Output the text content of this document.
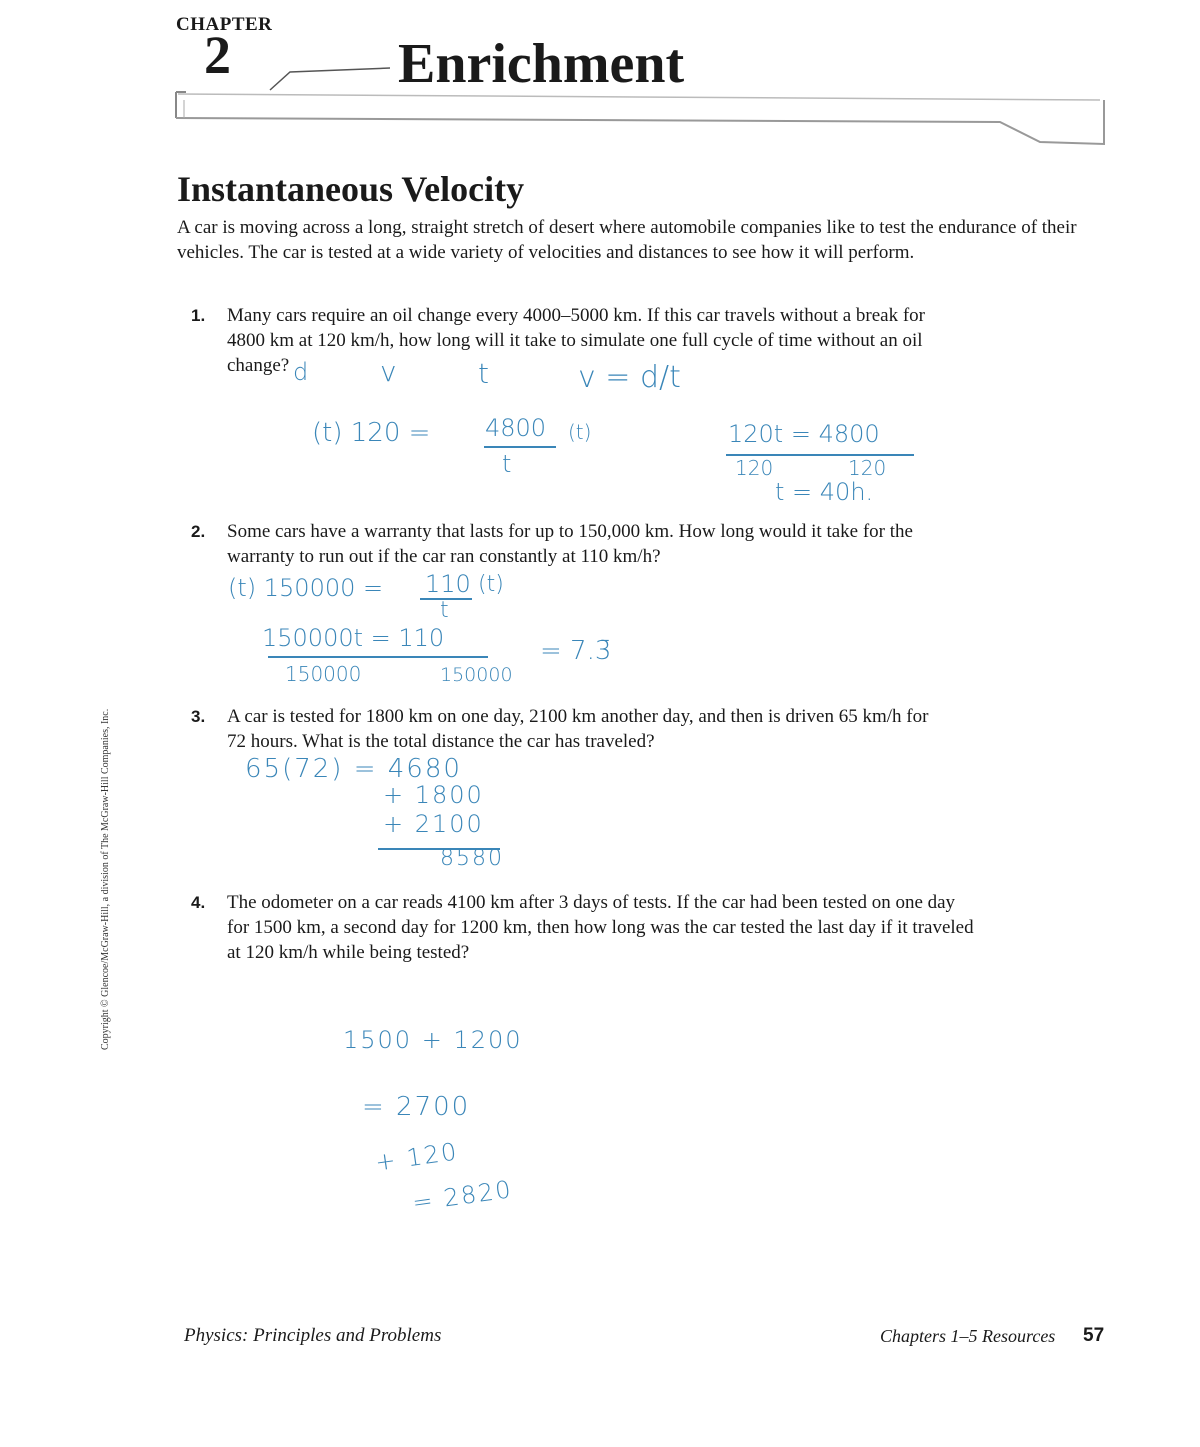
CHAPTER
2	Enrichment
Instantaneous Velocity
A car is moving across a long, straight stretch of desert where automobile companies like to test the endurance of their vehicles. The car is tested at a wide variety of velocities and distances to see how it will perform.
1. Many cars require an oil change every 4000–5000 km. If this car travels without a break for
4800 km at 120 km/h, how long will it take to simulate one full cycle of time without an oil
change? d	v	t	v = d/t
(t) 120 = 4800
t
(t)	120t = 4800
120	120
t = 40h.
2. Some cars have a warranty that lasts for up to 150,000 km. How long would it take for the
warranty to run out if the car ran constantly at 110 km/h?
(t) 150000 = 110 (t)
t
150000t = 110
150000	150000
= 7.3̄
3. A car is tested for 1800 km on one day, 2100 km another day, and then is driven 65 km/h for
72 hours. What is the total distance the car has traveled?
65(72) = 4680
+ 1800
+ 2100
8580
4. The odometer on a car reads 4100 km after 3 days of tests. If the car had been tested on one day
for 1500 km, a second day for 1200 km, then how long was the car tested the last day if it traveled
at 120 km/h while being tested?
1500 + 1200
= 2700
+ 120
= 2820
Physics: Principles and Problems	Chapters 1–5 Resources 57
Copyright © Glencoe/McGraw-Hill, a division of The McGraw-Hill Companies, Inc.
